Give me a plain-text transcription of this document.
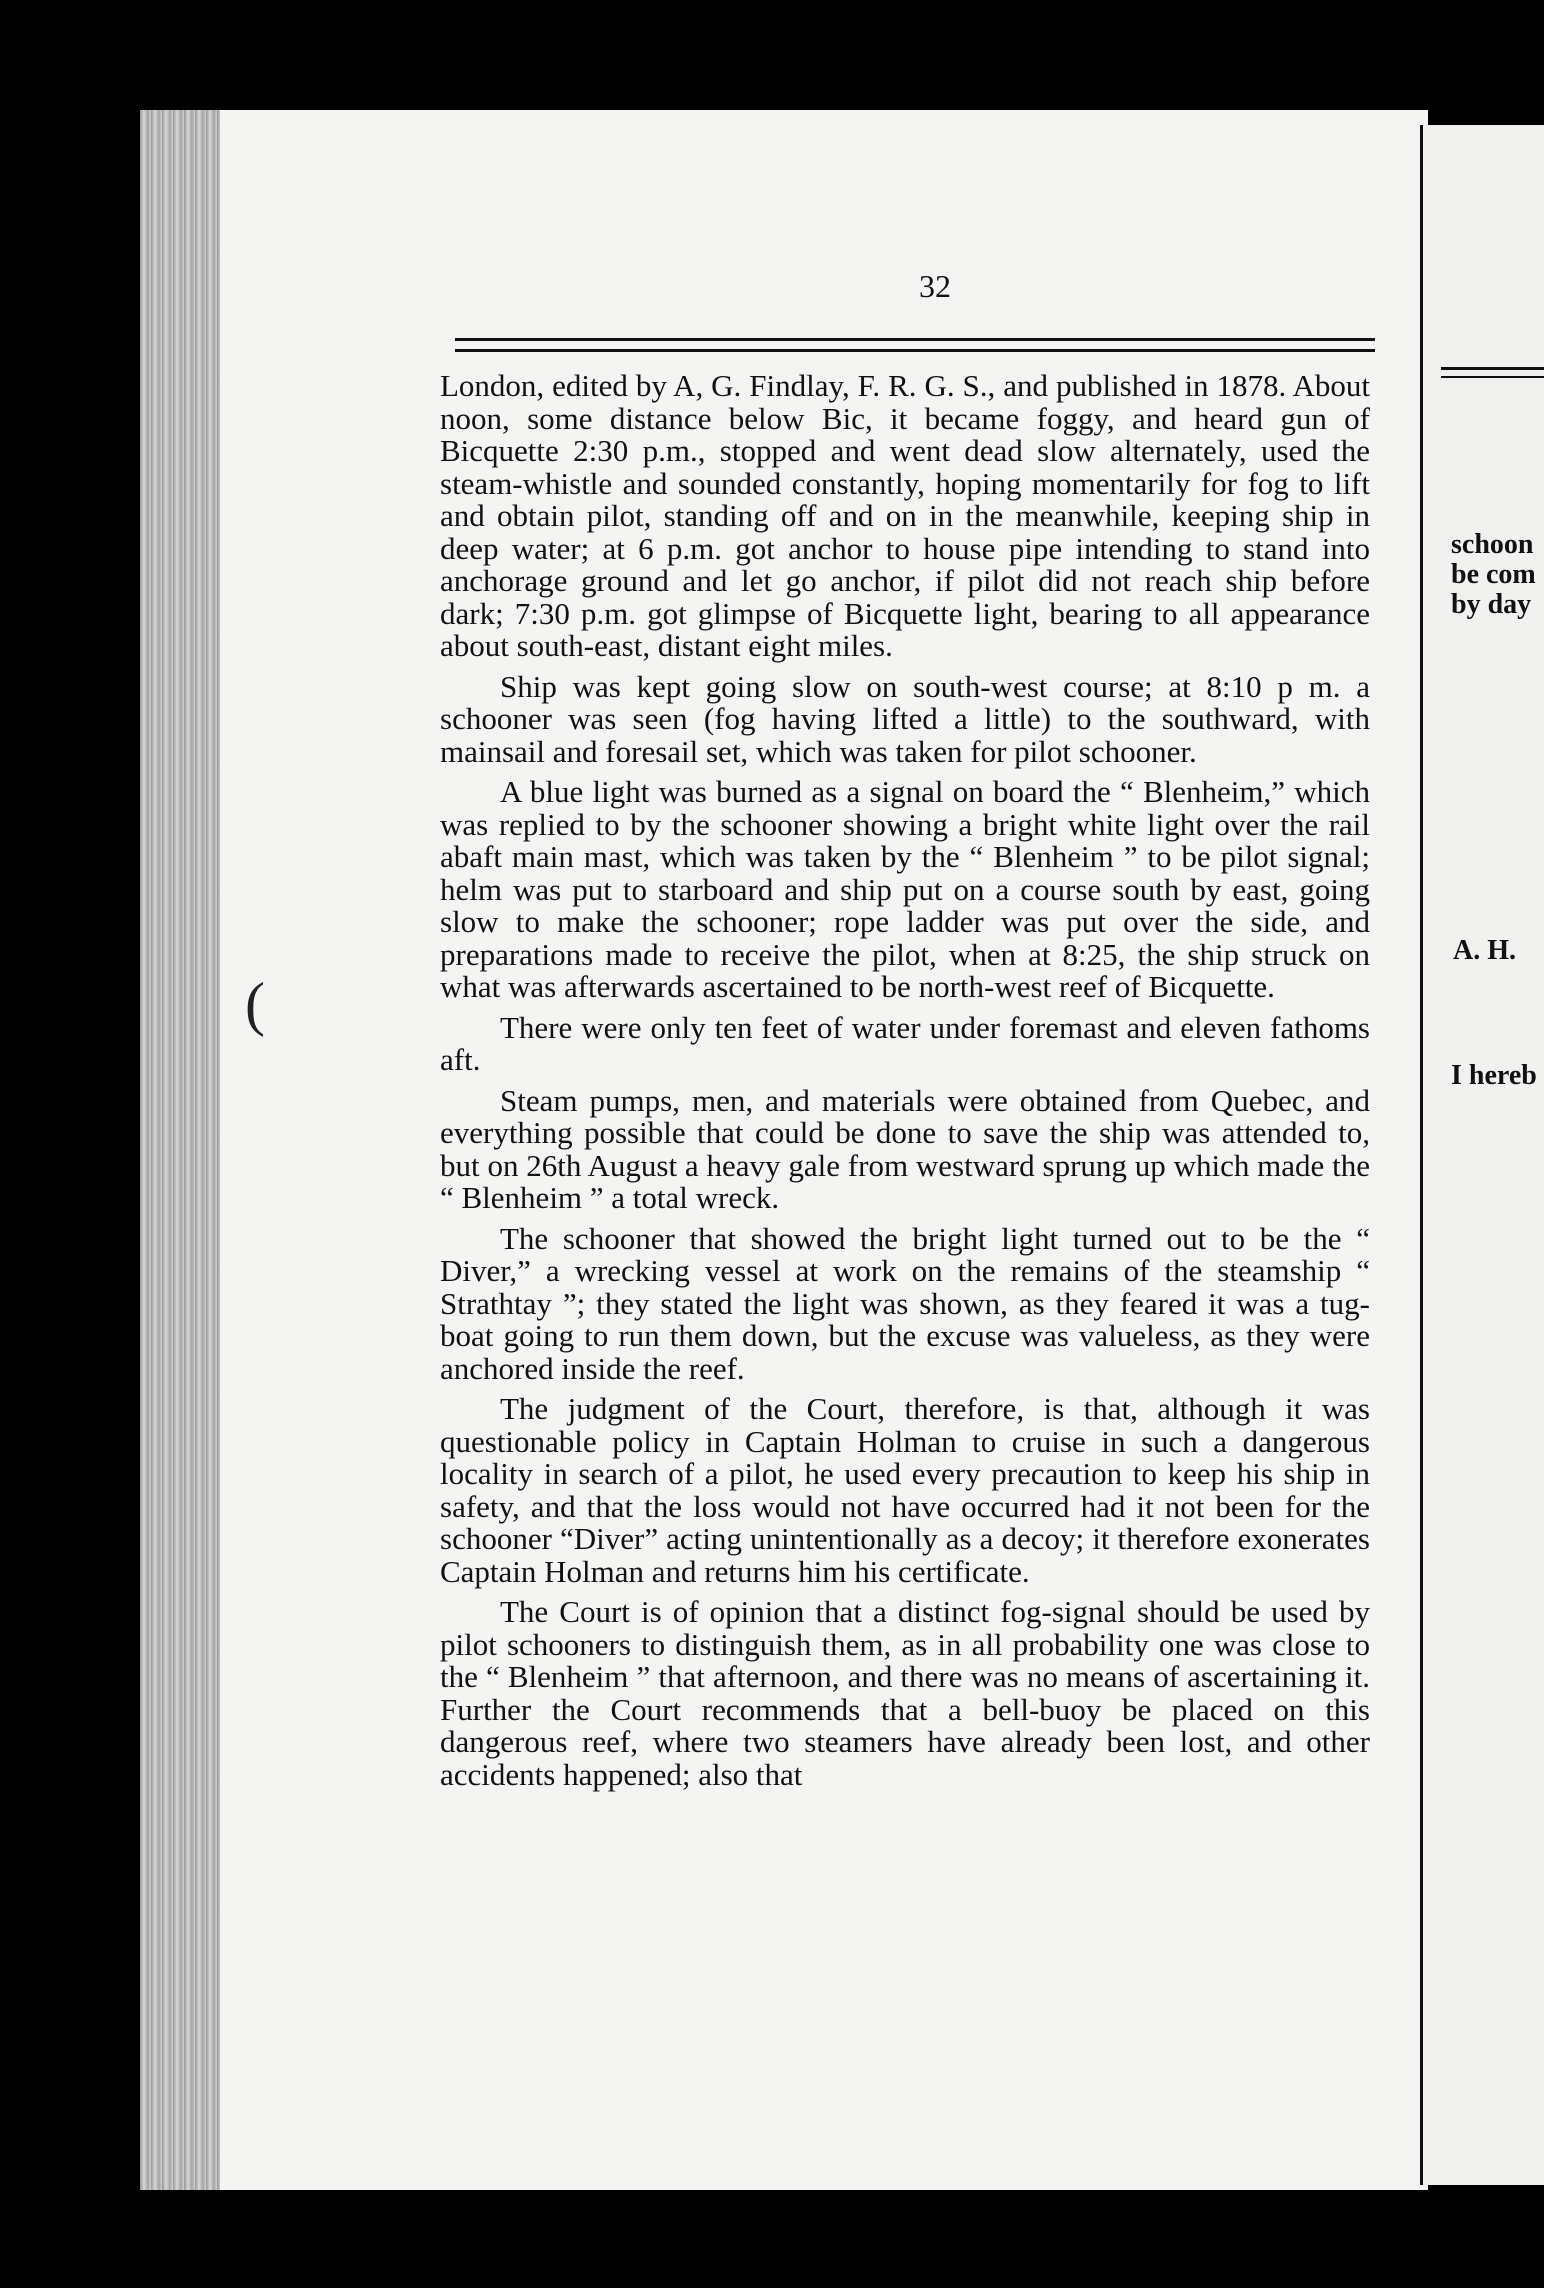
32
(

London, edited by A, G. Findlay, F. R. G. S., and published in 1878. About noon, some distance below Bic, it became foggy, and heard gun of Bicquette 2:30 p.m., stopped and went dead slow alternately, used the steam-whistle and sounded constantly, hoping momentarily for fog to lift and obtain pilot, standing off and on in the meanwhile, keeping ship in deep water; at 6 p.m. got anchor to house pipe intending to stand into anchorage ground and let go anchor, if pilot did not reach ship before dark; 7:30 p.m. got glimpse of Bicquette light, bearing to all appearance about south-east, distant eight miles.

Ship was kept going slow on south-west course; at 8:10 p m. a schooner was seen (fog having lifted a little) to the southward, with mainsail and foresail set, which was taken for pilot schooner.

A blue light was burned as a signal on board the “ Blenheim,” which was replied to by the schooner showing a bright white light over the rail abaft main mast, which was taken by the “ Blenheim ” to be pilot signal; helm was put to starboard and ship put on a course south by east, going slow to make the schooner; rope ladder was put over the side, and preparations made to receive the pilot, when at 8:25, the ship struck on what was afterwards ascertained to be north-west reef of Bicquette.

There were only ten feet of water under foremast and eleven fathoms aft.

Steam pumps, men, and materials were obtained from Quebec, and everything possible that could be done to save the ship was attended to, but on 26th August a heavy gale from westward sprung up which made the “ Blenheim ” a total wreck.

The schooner that showed the bright light turned out to be the “ Diver,” a wrecking vessel at work on the remains of the steamship “ Strathtay ”; they stated the light was shown, as they feared it was a tug-boat going to run them down, but the excuse was valueless, as they were anchored inside the reef.

The judgment of the Court, therefore, is that, although it was questionable policy in Captain Holman to cruise in such a dangerous locality in search of a pilot, he used every precaution to keep his ship in safety, and that the loss would not have occurred had it not been for the schooner “Diver” acting unintentionally as a decoy; it therefore exonerates Captain Holman and returns him his certificate.

The Court is of opinion that a distinct fog-signal should be used by pilot schooners to distinguish them, as in all probability one was close to the “ Blenheim ” that afternoon, and there was no means of ascertaining it. Further the Court recommends that a bell-buoy be placed on this dangerous reef, where two steamers have already been lost, and other accidents happened; also that

schoon
be com
by day
A. H.
I hereb
